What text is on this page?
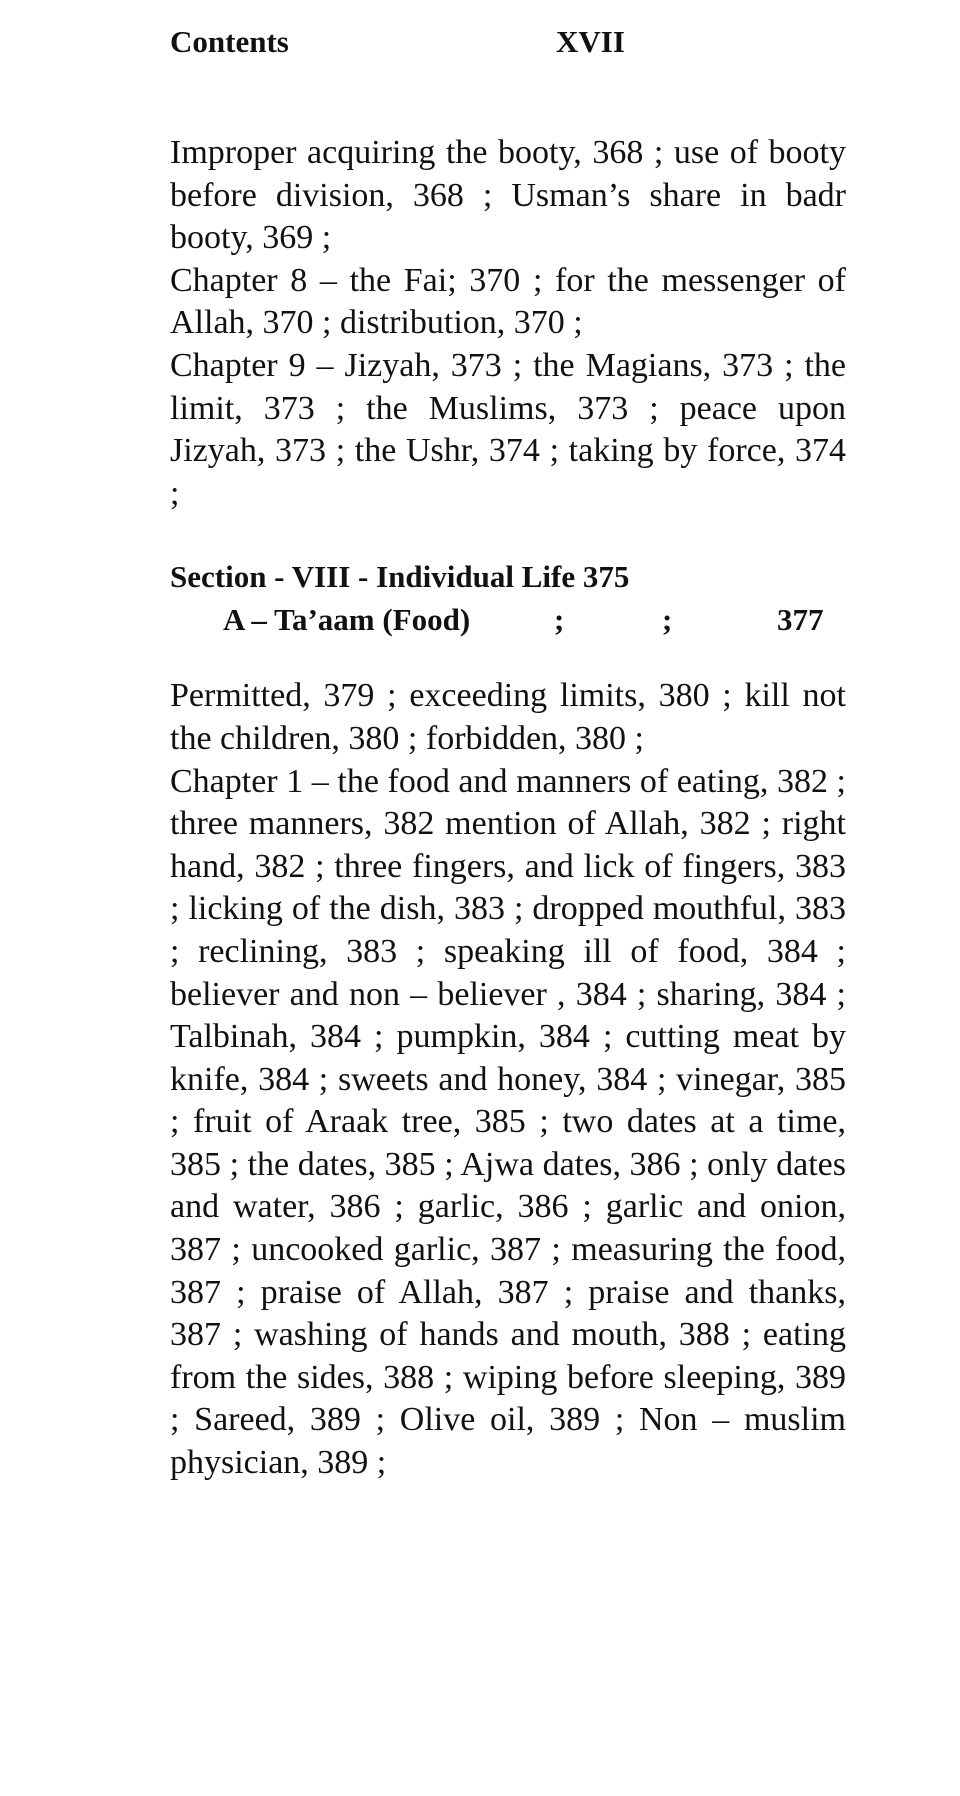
Contents	XVII

Improper acquiring the booty, 368 ; use of booty before division, 368 ; Usman’s share in badr booty, 369 ;

Chapter 8 – the Fai; 370 ; for the messenger of Allah, 370 ; distribution, 370 ;

Chapter 9 – Jizyah, 373 ; the Magians, 373 ; the limit, 373 ; the Muslims, 373 ; peace upon Jizyah, 373 ; the Ushr, 374 ; taking by force, 374 ;

Section - VIII - Individual Life 375
A – Ta’aam (Food)	;	;	377

Permitted, 379 ; exceeding limits, 380 ; kill not the children, 380 ; forbidden, 380 ;

Chapter 1 – the food and manners of eating, 382 ; three manners, 382 mention of Allah, 382 ; right hand, 382 ; three fingers, and lick of fingers, 383 ; licking of the dish, 383 ; dropped mouthful, 383 ; reclining, 383 ; speaking ill of food, 384 ; believer and non – believer , 384 ; sharing, 384 ; Talbinah, 384 ; pumpkin, 384 ; cutting meat by knife, 384 ; sweets and honey, 384 ; vinegar, 385 ; fruit of Araak tree, 385 ; two dates at a time, 385 ; the dates, 385 ; Ajwa dates, 386 ; only dates and water, 386 ; garlic, 386 ; garlic and onion, 387 ; uncooked garlic, 387 ; measuring the food, 387 ; praise of Allah, 387 ; praise and thanks, 387 ; washing of hands and mouth, 388 ; eating from the sides, 388 ; wiping before sleeping, 389 ; Sareed, 389 ; Olive oil, 389 ; Non – muslim physician, 389 ;
